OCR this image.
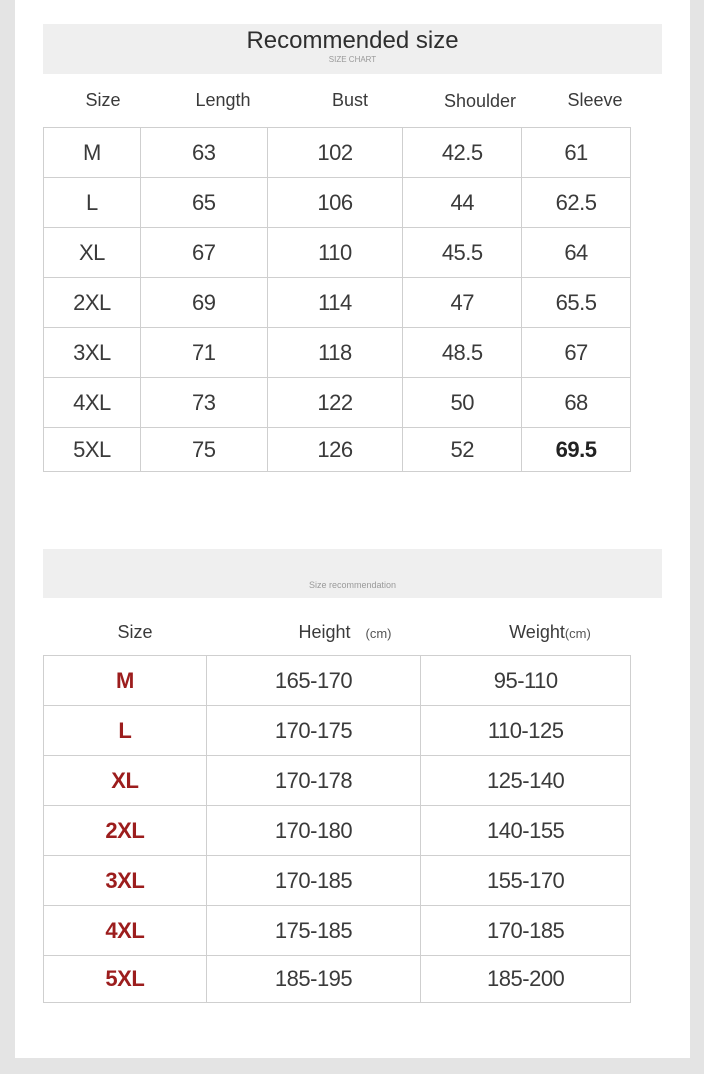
Recommended size
SIZE CHART
Size recommendation
Size	Length	Bust	Shoulder	Sleeve
M	63	102	42.5	61
L	65	106	44	62.5
XL	67	110	45.5	64
2XL	69	114	47	65.5
3XL	71	118	48.5	67
4XL	73	122	50	68
5XL	75	126	52	69.5
Size	Height (cm)	Weight(cm)
M	165-170	95-110
L	170-175	110-125
XL	170-178	125-140
2XL	170-180	140-155
3XL	170-185	155-170
4XL	175-185	170-185
5XL	185-195	185-200
